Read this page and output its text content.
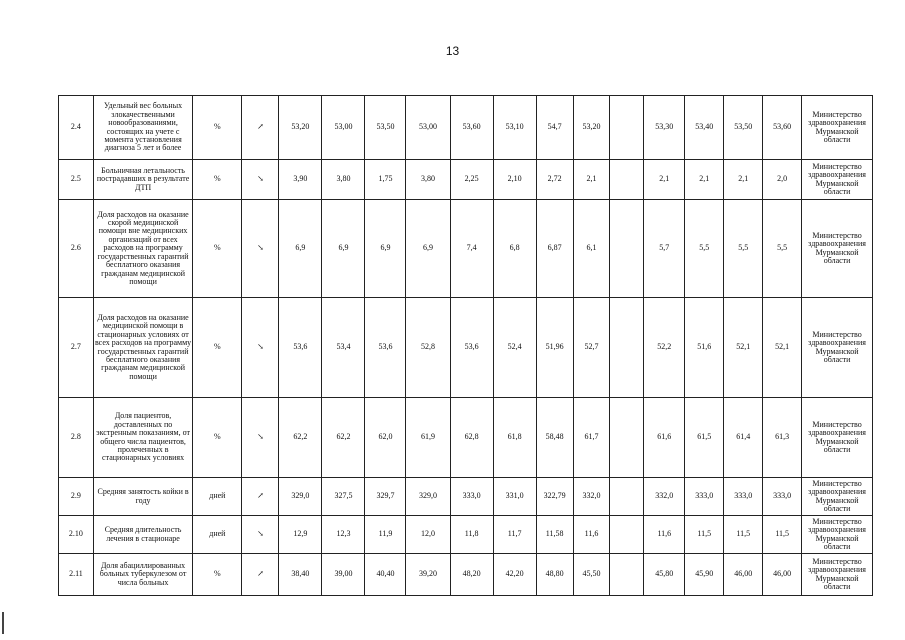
13
2.4	Удельный вес больных злокачественными новообразованиями, состоящих на учете с момента установления диагноза 5 лет и более	%	↗	53,20	53,00	53,50	53,00	53,60	53,10	54,7	53,20		53,30	53,40	53,50	53,60	Министерство здравоохранения Мурманской области
2.5	Больничная летальность пострадавших в результате ДТП	%	↘	3,90	3,80	1,75	3,80	2,25	2,10	2,72	2,1		2,1	2,1	2,1	2,0	Министерство здравоохранения Мурманской области
2.6	Доля расходов на оказание скорой медицинской помощи вне медицинских организаций от всех расходов на программу государственных гарантий бесплатного оказания гражданам медицинской помощи	%	↘	6,9	6,9	6,9	6,9	7,4	6,8	6,87	6,1		5,7	5,5	5,5	5,5	Министерство здравоохранения Мурманской области
2.7	Доля расходов на оказание медицинской помощи в стационарных условиях от всех расходов на программу государственных гарантий бесплатного оказания гражданам медицинской помощи	%	↘	53,6	53,4	53,6	52,8	53,6	52,4	51,96	52,7		52,2	51,6	52,1	52,1	Министерство здравоохранения Мурманской области
2.8	Доля пациентов, доставленных по экстренным показаниям, от общего числа пациентов, пролеченных в стационарных условиях	%	↘	62,2	62,2	62,0	61,9	62,8	61,8	58,48	61,7		61,6	61,5	61,4	61,3	Министерство здравоохранения Мурманской области
2.9	Средняя занятость койки в году	дней	↗	329,0	327,5	329,7	329,0	333,0	331,0	322,79	332,0		332,0	333,0	333,0	333,0	Министерство здравоохранения Мурманской области
2.10	Средняя длительность лечения в стационаре	дней	↘	12,9	12,3	11,9	12,0	11,8	11,7	11,58	11,6		11,6	11,5	11,5	11,5	Министерство здравоохранения Мурманской области
2.11	Доля абациллированных больных туберкулезом от числа больных	%	↗	38,40	39,00	40,40	39,20	48,20	42,20	48,80	45,50		45,80	45,90	46,00	46,00	Министерство здравоохранения Мурманской области
